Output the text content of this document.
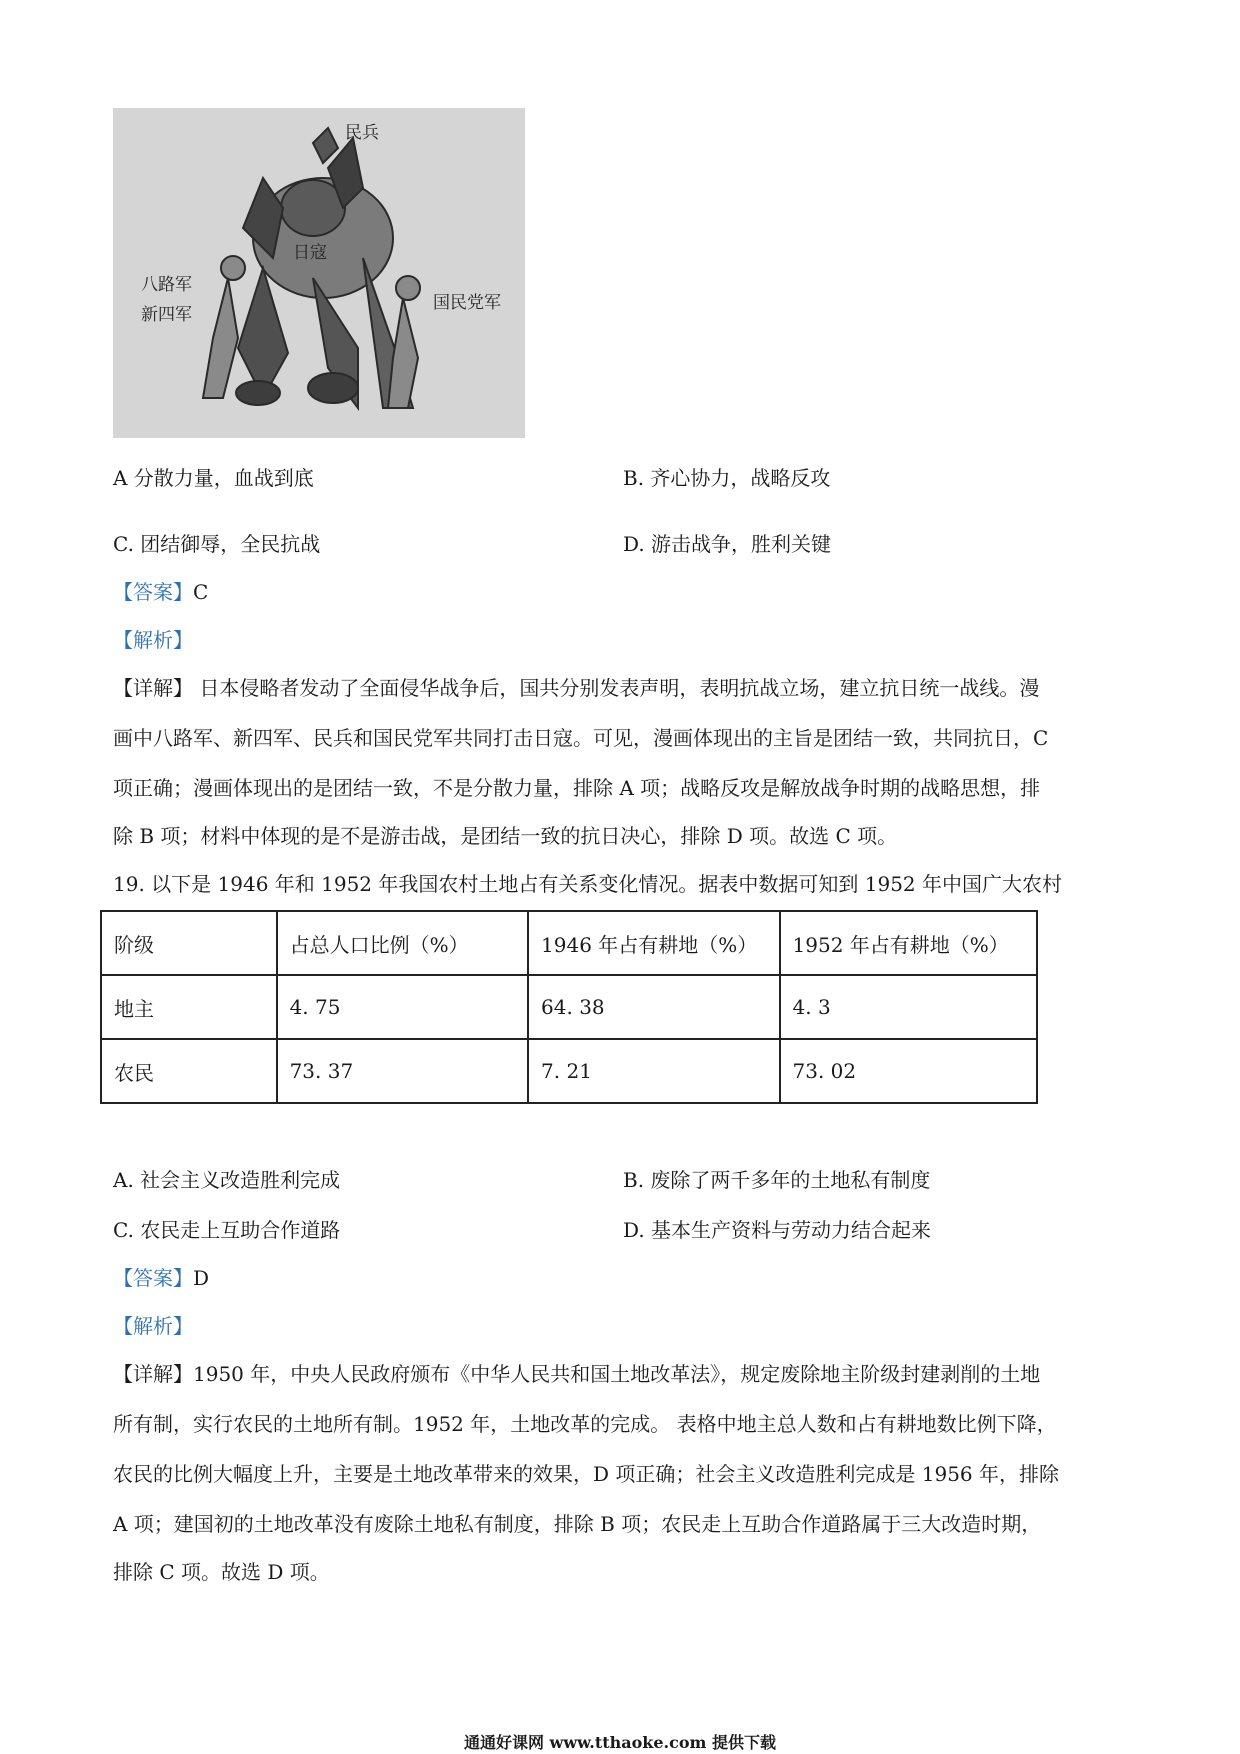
民兵
日寇
八路军
新四军
国民党军
A 分散力量，血战到底	B. 齐心协力，战略反攻
C. 团结御辱，全民抗战	D. 游击战争，胜利关键
【答案】C
【解析】
【详解】 日本侵略者发动了全面侵华战争后，国共分别发表声明，表明抗战立场，建立抗日统一战线。漫
画中八路军、新四军、民兵和国民党军共同打击日寇。可见，漫画体现出的主旨是团结一致，共同抗日，C
项正确；漫画体现出的是团结一致，不是分散力量，排除 A 项；战略反攻是解放战争时期的战略思想，排
除 B 项；材料中体现的是不是游击战，是团结一致的抗日决心，排除 D 项。故选 C 项。
19. 以下是 1946 年和 1952 年我国农村土地占有关系变化情况。据表中数据可知到 1952 年中国广大农村
阶级	占总人口比例（%）	1946 年占有耕地（%）	1952 年占有耕地（%）
地主	4. 75	64. 38	4. 3
农民	73. 37	7. 21	73. 02
A. 社会主义改造胜利完成	B. 废除了两千多年的土地私有制度
C. 农民走上互助合作道路	D. 基本生产资料与劳动力结合起来
【答案】D
【解析】
【详解】1950 年，中央人民政府颁布《中华人民共和国土地改革法》，规定废除地主阶级封建剥削的土地
所有制，实行农民的土地所有制。1952 年，土地改革的完成。 表格中地主总人数和占有耕地数比例下降，
农民的比例大幅度上升，主要是土地改革带来的效果，D 项正确；社会主义改造胜利完成是 1956 年，排除
A 项；建国初的土地改革没有废除土地私有制度，排除 B 项；农民走上互助合作道路属于三大改造时期，
排除 C 项。故选 D 项。
通通好课网 www.tthaoke.com 提供下载
